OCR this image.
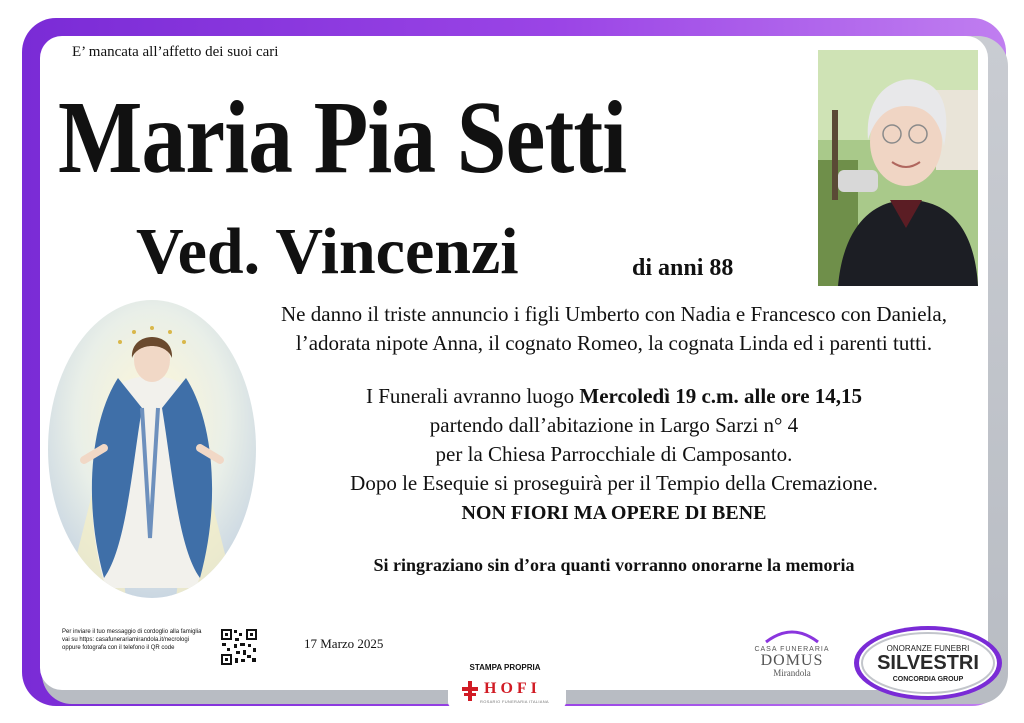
E’ mancata all’affetto dei suoi cari
Maria Pia Setti
Ved. Vincenzi	di anni 88
Ne danno il triste annuncio i figli Umberto con Nadia e Francesco con Daniela,
l’adorata nipote Anna, il cognato Romeo, la cognata Linda ed i parenti tutti.
I Funerali avranno luogo Mercoledì 19 c.m. alle ore 14,15
partendo dall’abitazione in Largo Sarzi n° 4
per la Chiesa Parrocchiale di Camposanto.
Dopo le Esequie si proseguirà per il Tempio della Cremazione.
NON FIORI MA OPERE DI BENE
Si ringraziano sin d’ora quanti vorranno onorarne la memoria
Per inviare il tuo messaggio di cordoglio alla famiglia
vai su https: casafunerariamirandola.it/necrologi
oppure fotografa con il telefono il QR code	17 Marzo 2025
STAMPA PROPRIA
HOFI
ROSARIO FUNERARIA ITALIANA
CASA FUNERARIA
DOMUS
Mirandola
ONORANZE FUNEBRI
SILVESTRI
CONCORDIA GROUP
